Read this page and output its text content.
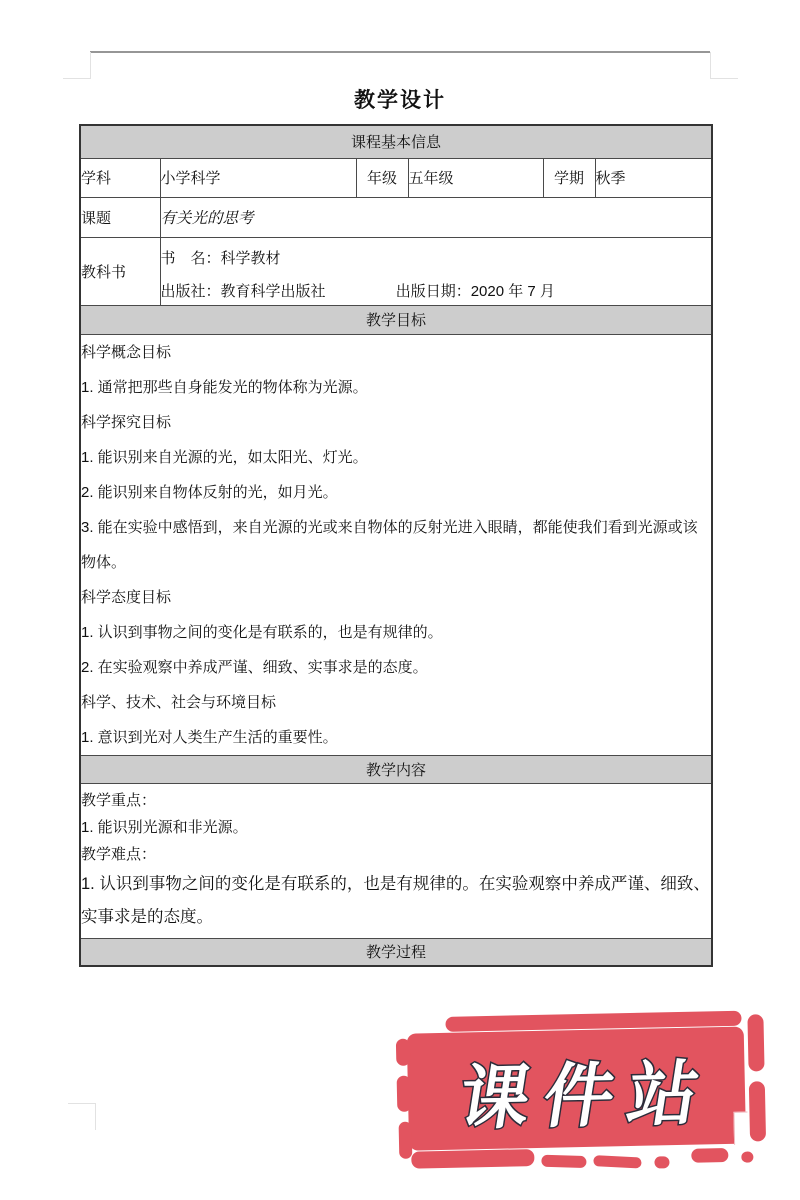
教学设计
课程基本信息					
学科	小学科学	年级	五年级	学期	秋季
课题	有关光的思考				
教科书	书　名：科学教材
出版社：教育科学出版社 出版日期：2020 年 7 月				

教学目标					

科学概念目标
1. 通常把那些自身能发光的物体称为光源。
科学探究目标
1. 能识别来自光源的光，如太阳光、灯光。
2. 能识别来自物体反射的光，如月光。
3. 能在实验中感悟到，来自光源的光或来自物体的反射光进入眼睛，都能使我们看到光源或该物体。
科学态度目标
1. 认识到事物之间的变化是有联系的，也是有规律的。
2. 在实验观察中养成严谨、细致、实事求是的态度。
科学、技术、社会与环境目标
1. 意识到光对人类生产生活的重要性。

教学内容					

教学重点：
1. 能识别光源和非光源。
教学难点：
1. 认识到事物之间的变化是有联系的，也是有规律的。在实验观察中养成严谨、细致、实事求是的态度。					

教学过程					
课件站
